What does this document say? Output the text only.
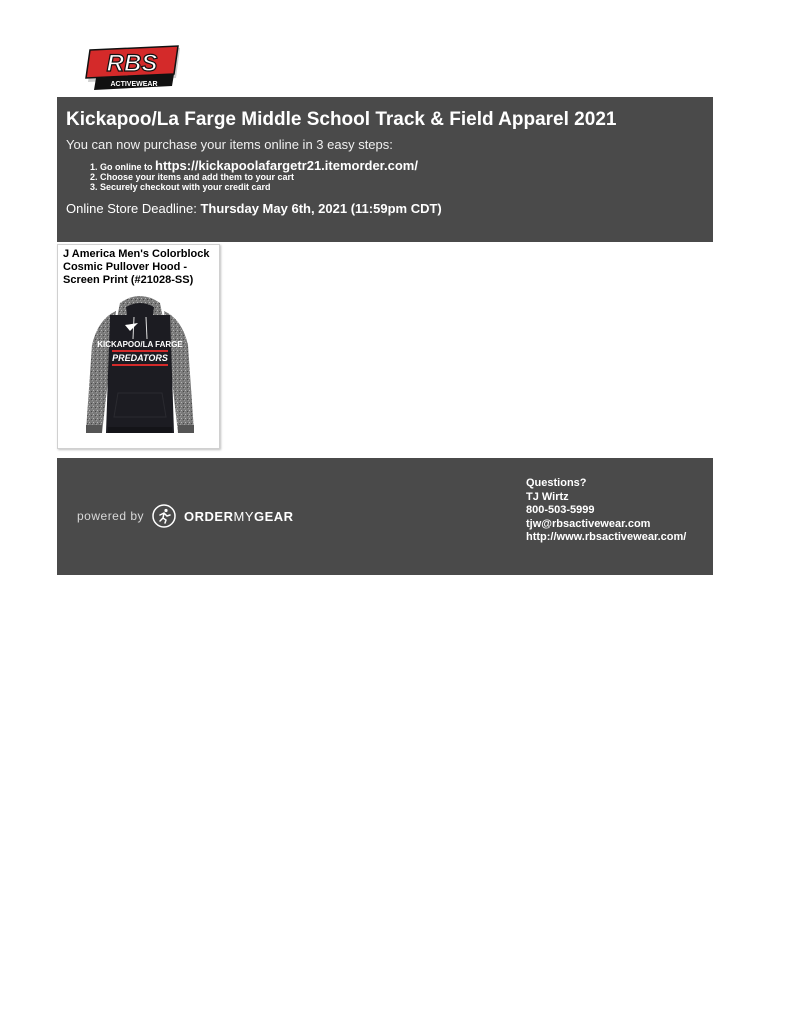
RBS
ACTIVEWEAR
Kickapoo/La Farge Middle School Track & Field Apparel 2021
You can now purchase your items online in 3 easy steps:
1. Go online to https://kickapoolafargetr21.itemorder.com/
2. Choose your items and add them to your cart
3. Securely checkout with your credit card
Online Store Deadline: Thursday May 6th, 2021 (11:59pm CDT)
J America Men's Colorblock Cosmic Pullover Hood - Screen Print (#21028-SS)
KICKAPOO/LA FARGE
PREDATORS
powered by	ORDERMYGEAR
Questions?
TJ Wirtz
800-503-5999
tjw@rbsactivewear.com
http://www.rbsactivewear.com/
